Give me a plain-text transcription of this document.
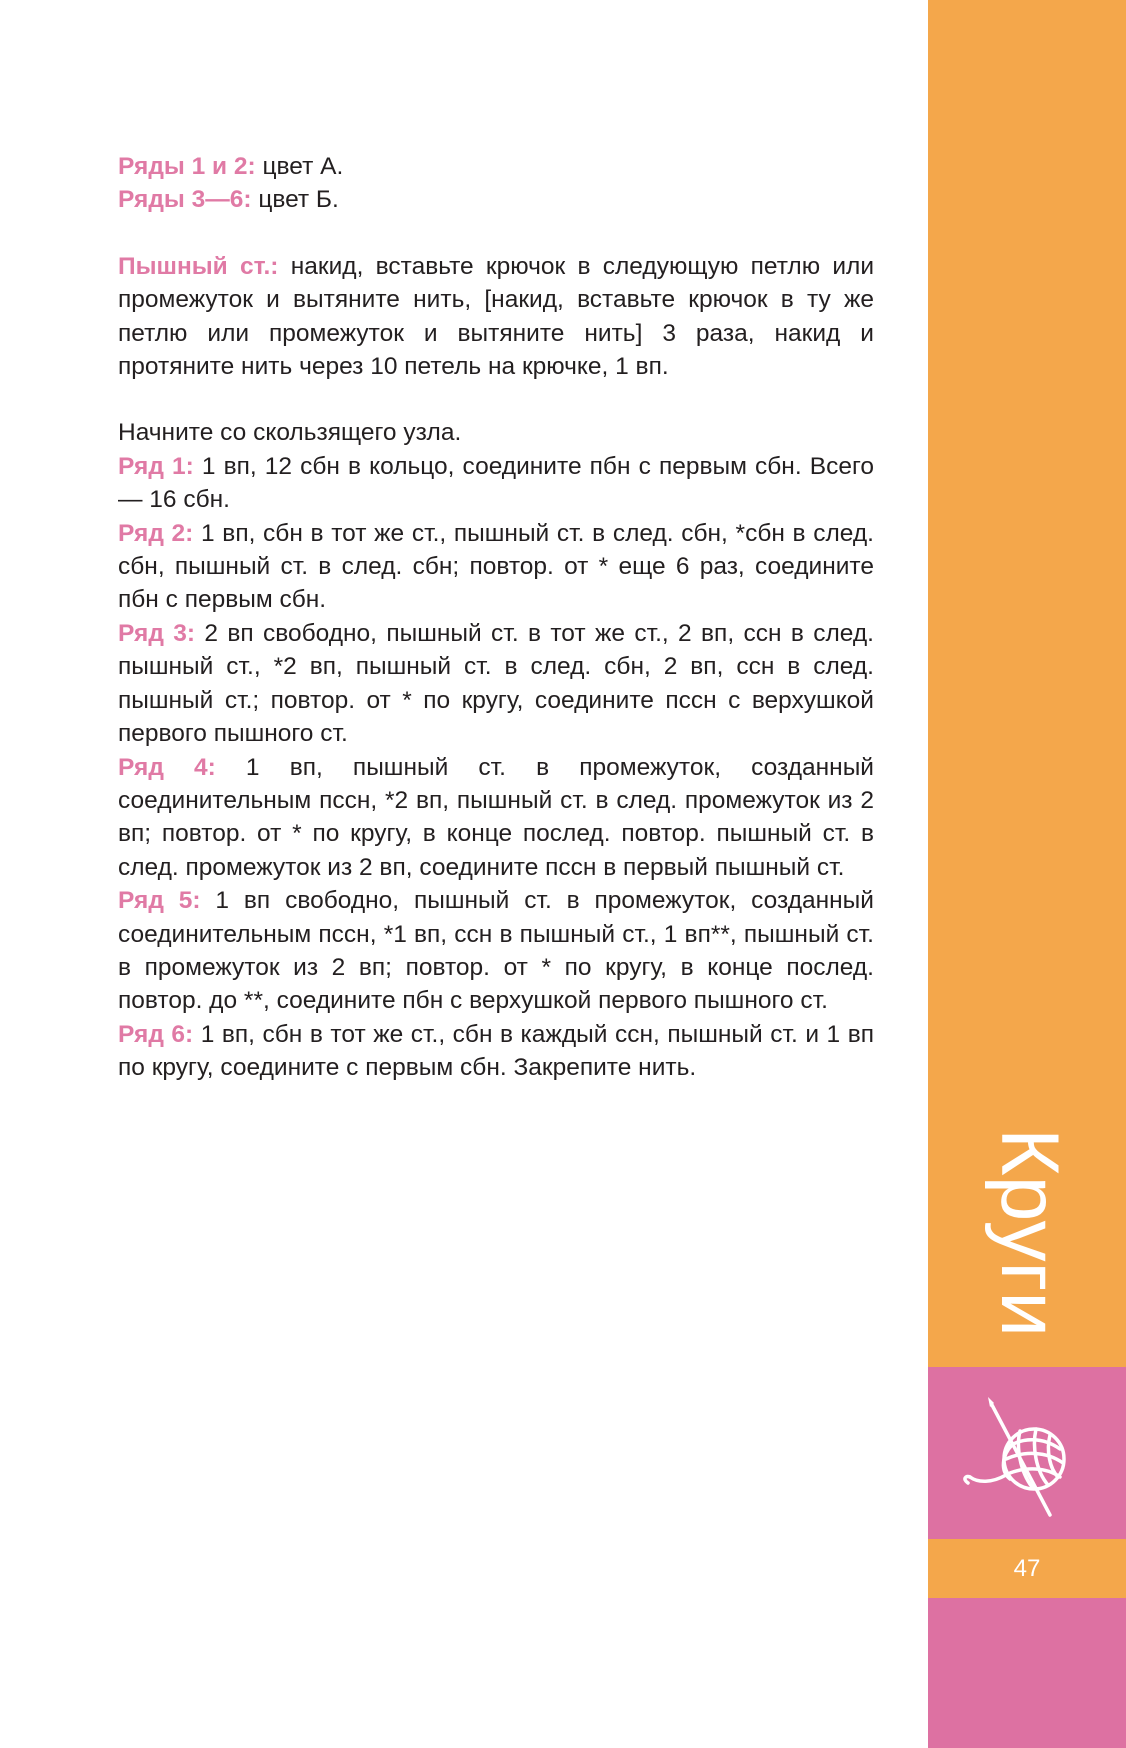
Ряды 1 и 2: цвет А.

Ряды 3—6: цвет Б.

Пышный ст.: накид, вставьте крючок в следующую петлю или промежуток и вытяните нить, [накид, вставьте крючок в ту же петлю или промежуток и вытяните нить] 3 раза, накид и протяните нить через 10 петель на крючке, 1 вп.

Начните со скользящего узла.

Ряд 1: 1 вп, 12 сбн в кольцо, соедините пбн с первым сбн. Всего — 16 сбн.

Ряд 2: 1 вп, сбн в тот же ст., пышный ст. в след. сбн, *сбн в след. сбн, пышный ст. в след. сбн; повтор. от * еще 6 раз, соедините пбн с первым сбн.

Ряд 3: 2 вп свободно, пышный ст. в тот же ст., 2 вп, ссн в след. пышный ст., *2 вп, пышный ст. в след. сбн, 2 вп, ссн в след. пышный ст.; повтор. от * по кругу, соедините пссн с верхушкой первого пышного ст.

Ряд 4: 1 вп, пышный ст. в промежуток, созданный соединительным пссн, *2 вп, пышный ст. в след. промежуток из 2 вп; повтор. от * по кругу, в конце послед. повтор. пышный ст. в след. промежуток из 2 вп, соедините пссн в первый пышный ст.

Ряд 5: 1 вп свободно, пышный ст. в промежуток, созданный соединительным пссн, *1 вп, ссн в пышный ст., 1 вп**, пышный ст. в промежуток из 2 вп; повтор. от * по кругу, в конце послед. повтор. до **, соедините пбн с верхушкой первого пышного ст.

Ряд 6: 1 вп, сбн в тот же ст., сбн в каждый ссн, пышный ст. и 1 вп по кругу, соедините с первым сбн. Закрепите нить.

Круги
47
